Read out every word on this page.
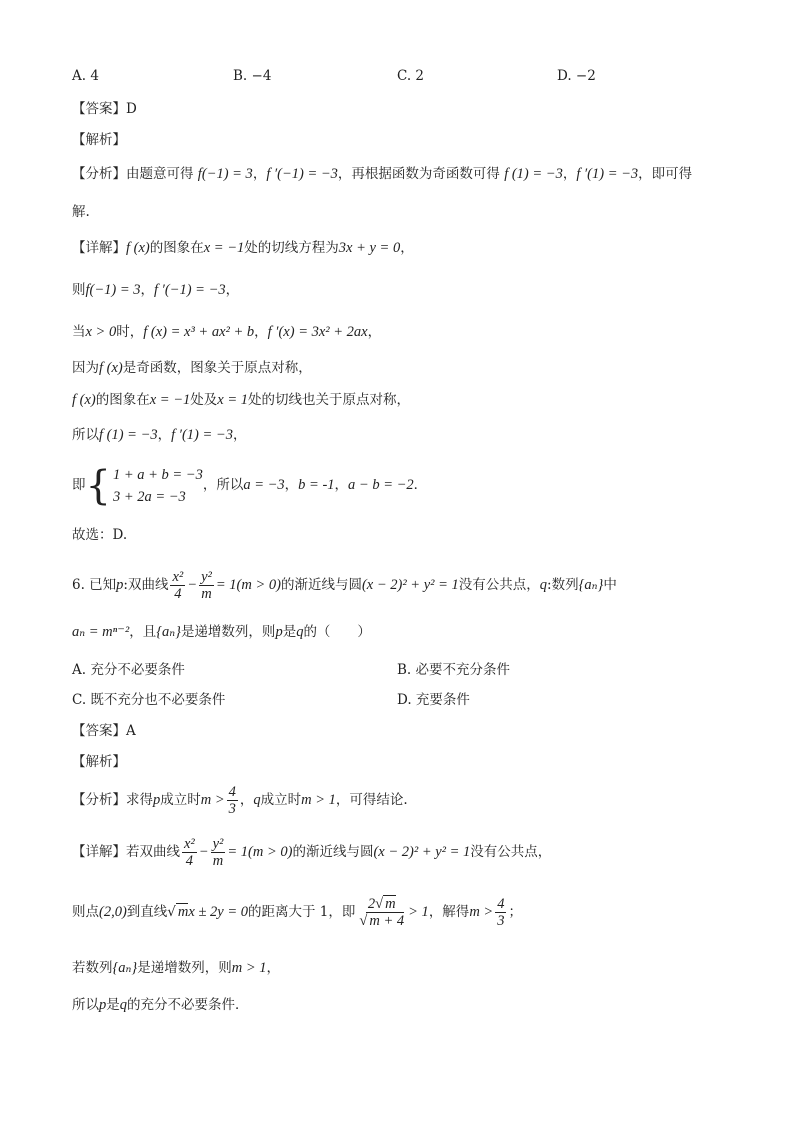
A. 4	B. −4	C. 2	D. −2
【答案】D
【解析】
【分析】由题意可得 f(−1) = 3，f ′(−1) = −3，再根据函数为奇函数可得 f (1) = −3，f ′(1) = −3，即可得
解.
【详解】f (x)的图象在x = −1处的切线方程为3x + y = 0，
则f(−1) = 3，f ′(−1) = −3，
当x > 0时，f (x) = x³ + ax² + b，f ′(x) = 3x² + 2ax，
因为f (x)是奇函数，图象关于原点对称，
f (x)的图象在x = −1处及x = 1处的切线也关于原点对称，
所以f (1) = −3，f ′(1) = −3，
即 { 1 + a + b = −3
3 + 2a = −3
，所以a = −3，b = -1，a − b = −2．
故选：D.
6. 已知p:双曲线 $\frac{\text{x²}}{4} - \frac{\text{y²}}{m} = 1(m > 0)$的渐近线与圆(x − 2)² + y² = 1没有公共点，q:数列{aₙ}中
aₙ = mⁿ⁻²，且{aₙ}是递增数列，则p是q的（　　）
A. 充分不必要条件	B. 必要不充分条件
C. 既不充分也不必要条件	D. 充要条件
【答案】A
【解析】
【分析】求得p成立时$m > \frac{4}{3}$ ，q成立时m > 1，可得结论.
【详解】若双曲线 $\frac{\text{x²}}{4} - \frac{\text{y²}}{m} = 1(m > 0)$的渐近线与圆(x − 2)² + y² = 1没有公共点，
则点(2,0)到直线√ mx ± 2y = 0的距离大于 1，即 $\frac{2√ m}{√ m + 4} > 1$，解得$m > \frac{4}{3}$ ；
若数列{aₙ}是递增数列，则m > 1，
所以p是q的充分不必要条件．
